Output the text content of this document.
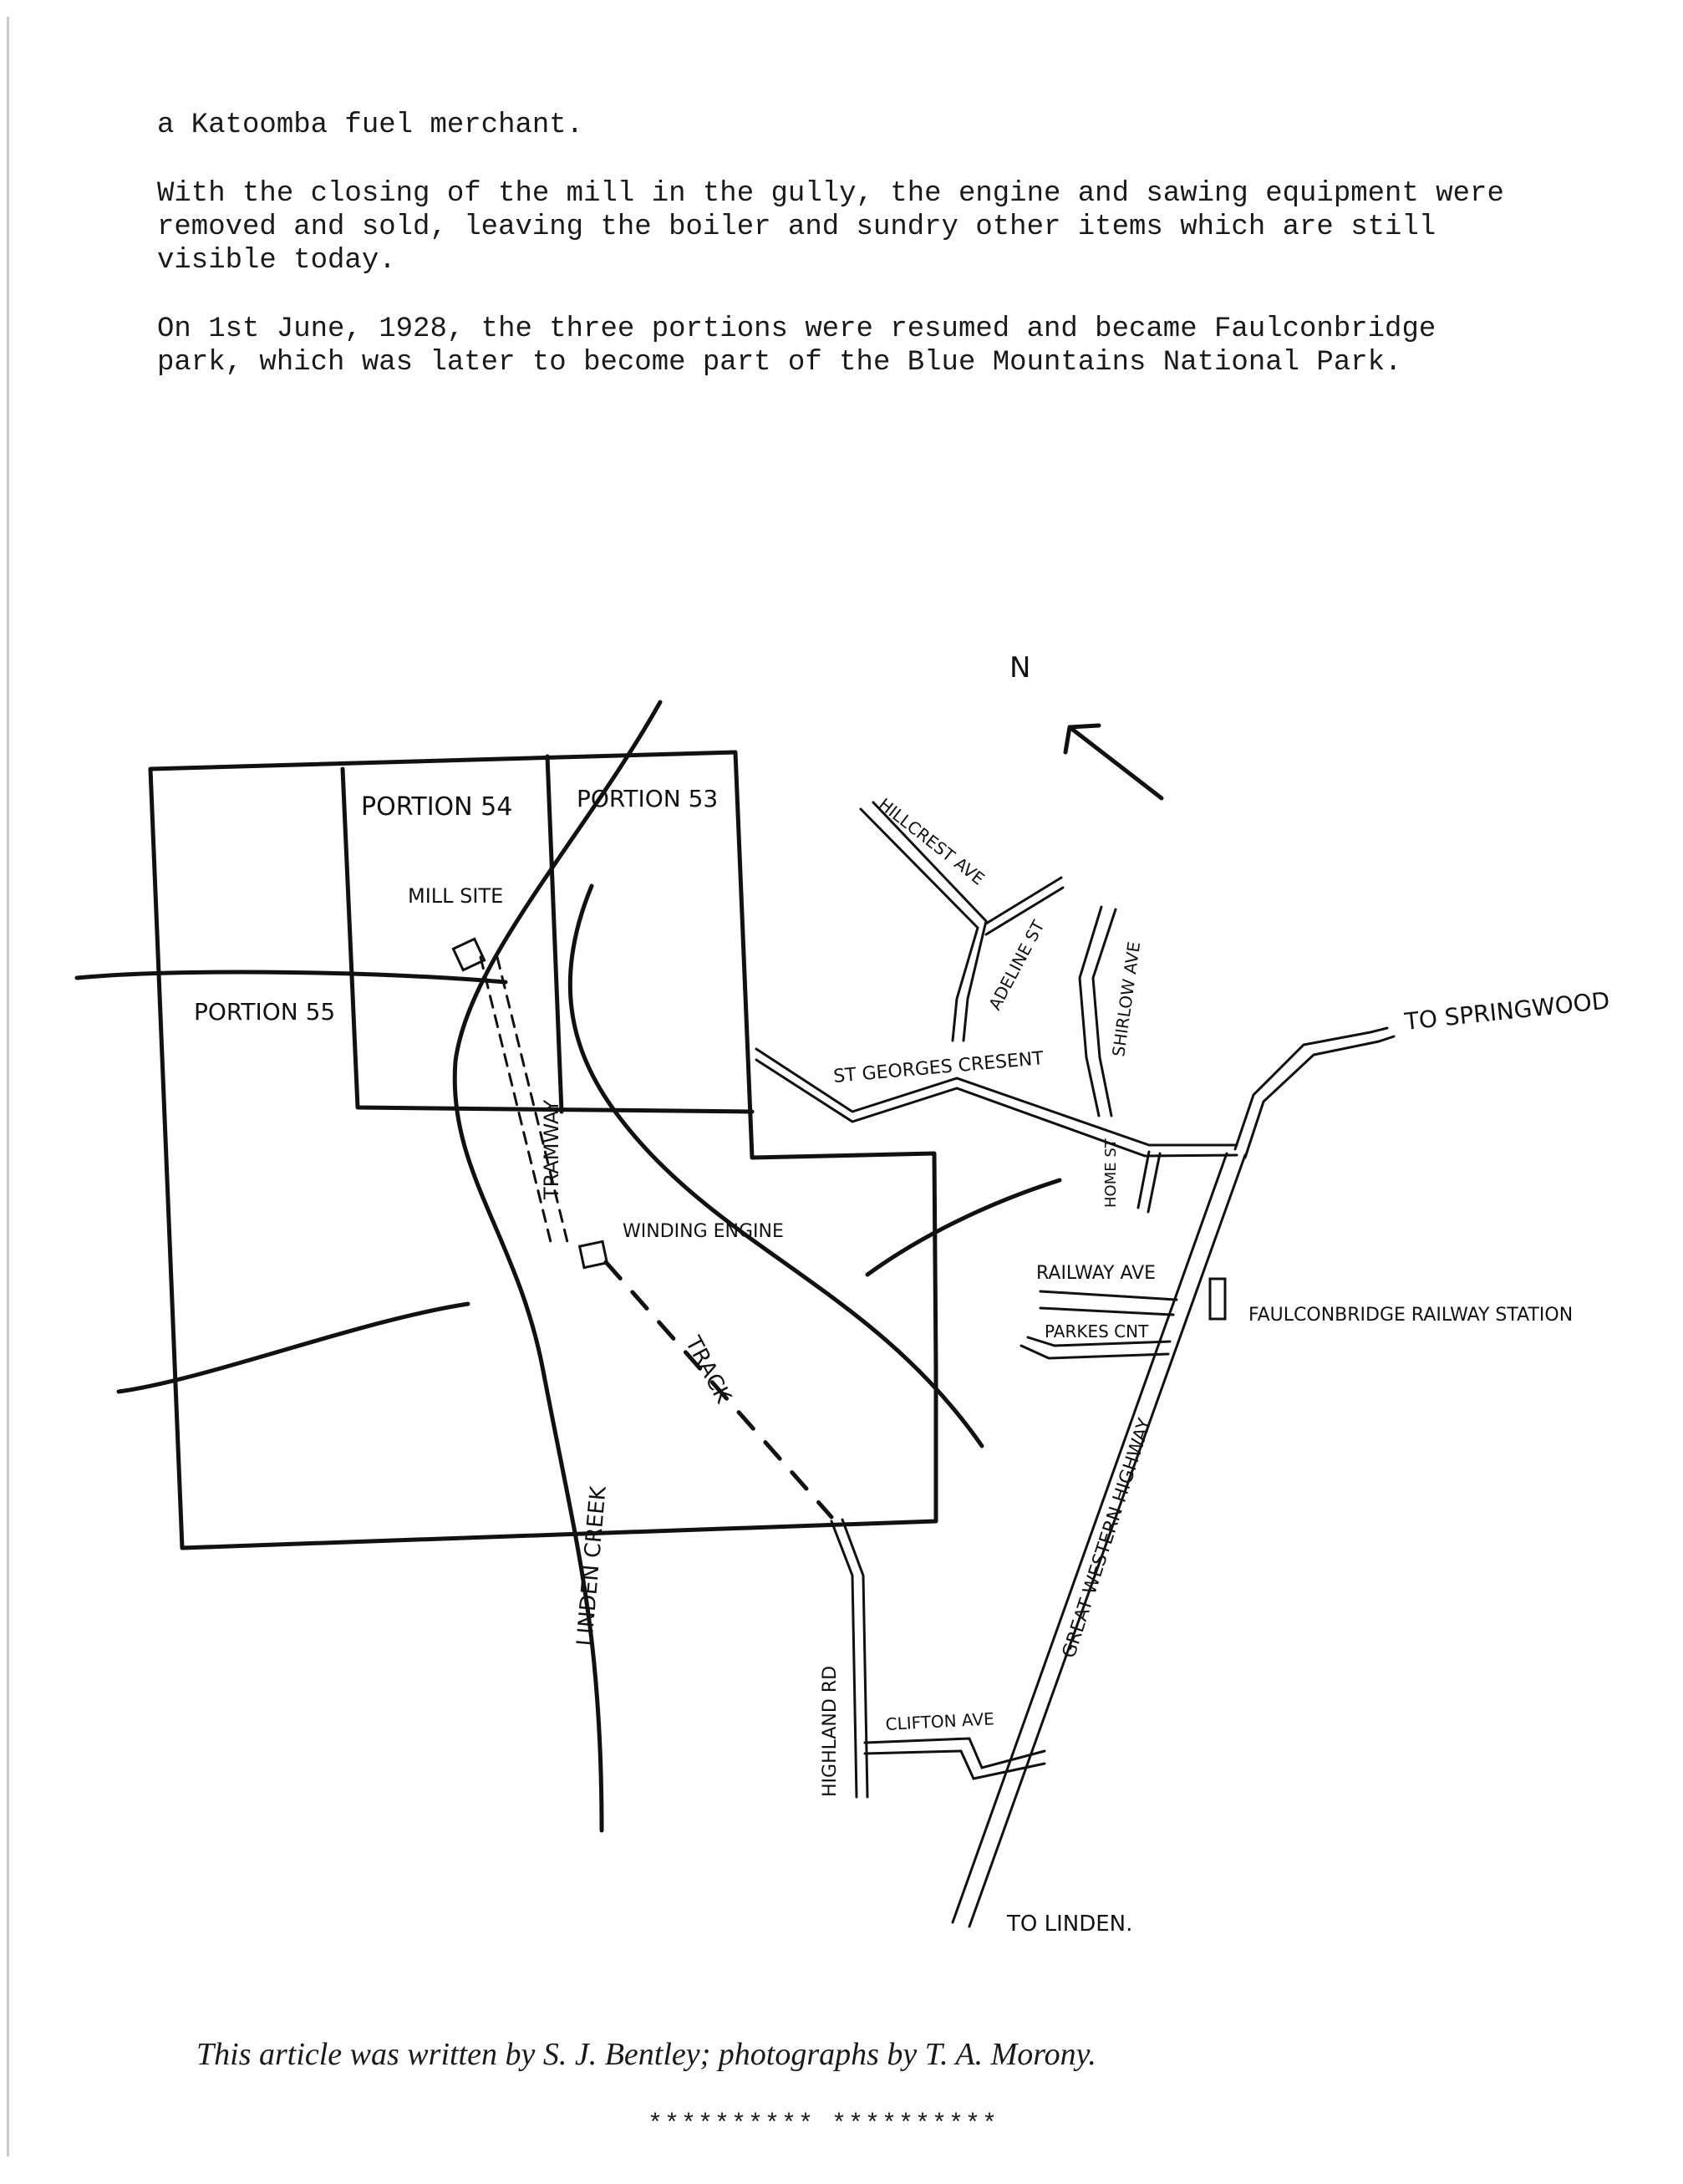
a Katoomba fuel merchant.
With the closing of the mill in the gully, the engine and sawing equipment were
removed and sold, leaving the boiler and sundry other items which are still
visible today.
On 1st June, 1928, the three portions were resumed and became Faulconbridge
park, which was later to become part of the Blue Mountains National Park.
PORTION 54	PORTION 53
MILL SITE
PORTION 55
TRAMWAY
WINDING ENGINE
TRACK
LINDEN CREEK
N
HILLCREST AVE
ADELINE ST	SHIRLOW AVE
ST GEORGES CRESENT
HOME ST
TO SPRINGWOOD
RAILWAY AVE
PARKES CNT
FAULCONBRIDGE RAILWAY STATION
GREAT WESTERN HIGHWAY
HIGHLAND RD	CLIFTON AVE
TO LINDEN.
This article was written by S. J. Bentley; photographs by T. A. Morony.
********** **********
